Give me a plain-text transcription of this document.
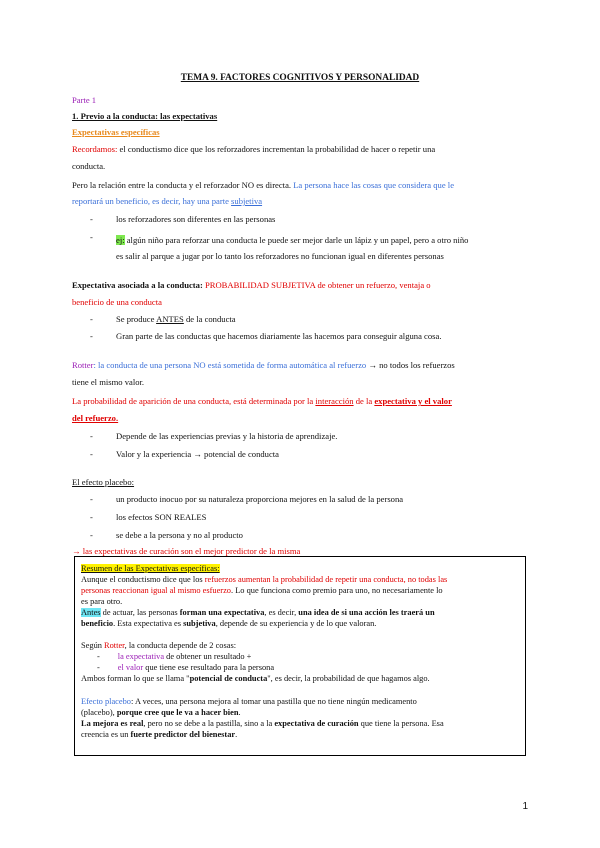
TEMA 9. FACTORES COGNITIVOS Y PERSONALIDAD
Parte 1
1. Previo a la conducta: las expectativas
Expectativas específicas
Recordamos: el conductismo dice que los reforzadores incrementan la probabilidad de hacer o repetir una
conducta.
Pero la relación entre la conducta y el reforzador NO es directa. La persona hace las cosas que considera que le
reportará un beneficio, es decir, hay una parte subjetiva
-	los reforzadores son diferentes en las personas
-	ej: algún niño para reforzar una conducta le puede ser mejor darle un lápiz y un papel, pero a otro niño
es salir al parque a jugar por lo tanto los reforzadores no funcionan igual en diferentes personas
Expectativa asociada a la conducta: PROBABILIDAD SUBJETIVA de obtener un refuerzo, ventaja o
beneficio de una conducta
-	Se produce ANTES de la conducta
-	Gran parte de las conductas que hacemos diariamente las hacemos para conseguir alguna cosa.
Rotter: la conducta de una persona NO está sometida de forma automática al refuerzo → no todos los refuerzos
tiene el mismo valor.
La probabilidad de aparición de una conducta, está determinada por la interacción de la expectativa y el valor
del refuerzo.
-	Depende de las experiencias previas y la historia de aprendizaje.
-	Valor y la experiencia → potencial de conducta
El efecto placebo:
-	un producto inocuo por su naturaleza proporciona mejores en la salud de la persona
-	los efectos SON REALES
-	se debe a la persona y no al producto
→ las expectativas de curación son el mejor predictor de la misma
Resumen de las Expectativas específicas:
Aunque el conductismo dice que los refuerzos aumentan la probabilidad de repetir una conducta, no todas las
personas reaccionan igual al mismo esfuerzo. Lo que funciona como premio para uno, no necesariamente lo
es para otro.
Antes de actuar, las personas forman una expectativa, es decir, una idea de si una acción les traerá un
beneficio. Esta expectativa es subjetiva, depende de su experiencia y de lo que valoran.
Según Rotter, la conducta depende de 2 cosas:
- la expectativa de obtener un resultado +
- el valor que tiene ese resultado para la persona
Ambos forman lo que se llama "potencial de conducta", es decir, la probabilidad de que hagamos algo.
Efecto placebo: A veces, una persona mejora al tomar una pastilla que no tiene ningún medicamento
(placebo), porque cree que le va a hacer bien.
La mejora es real, pero no se debe a la pastilla, sino a la expectativa de curación que tiene la persona. Esa
creencia es un fuerte predictor del bienestar.
1
